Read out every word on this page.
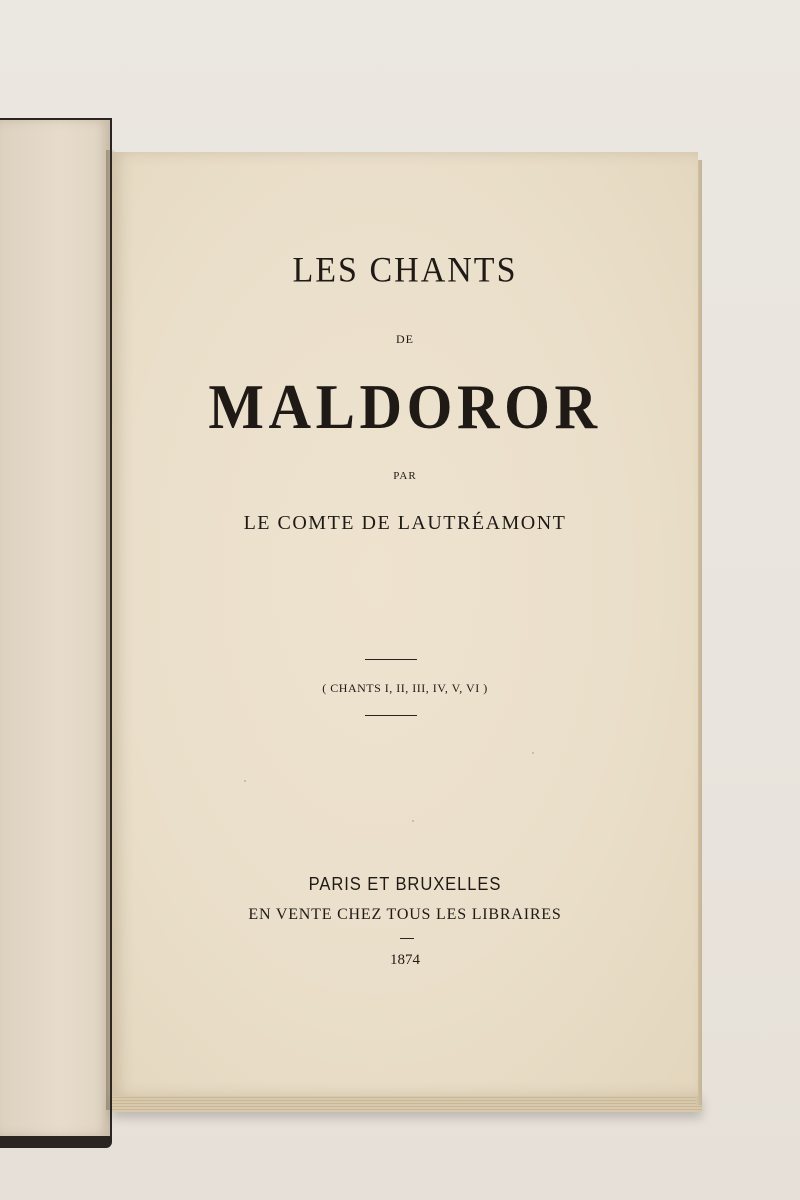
LES CHANTS
DE
MALDOROR
PAR
LE COMTE DE LAUTRÉAMONT
( CHANTS I, II, III, IV, V, VI )
PARIS ET BRUXELLES
EN VENTE CHEZ TOUS LES LIBRAIRES
1874
